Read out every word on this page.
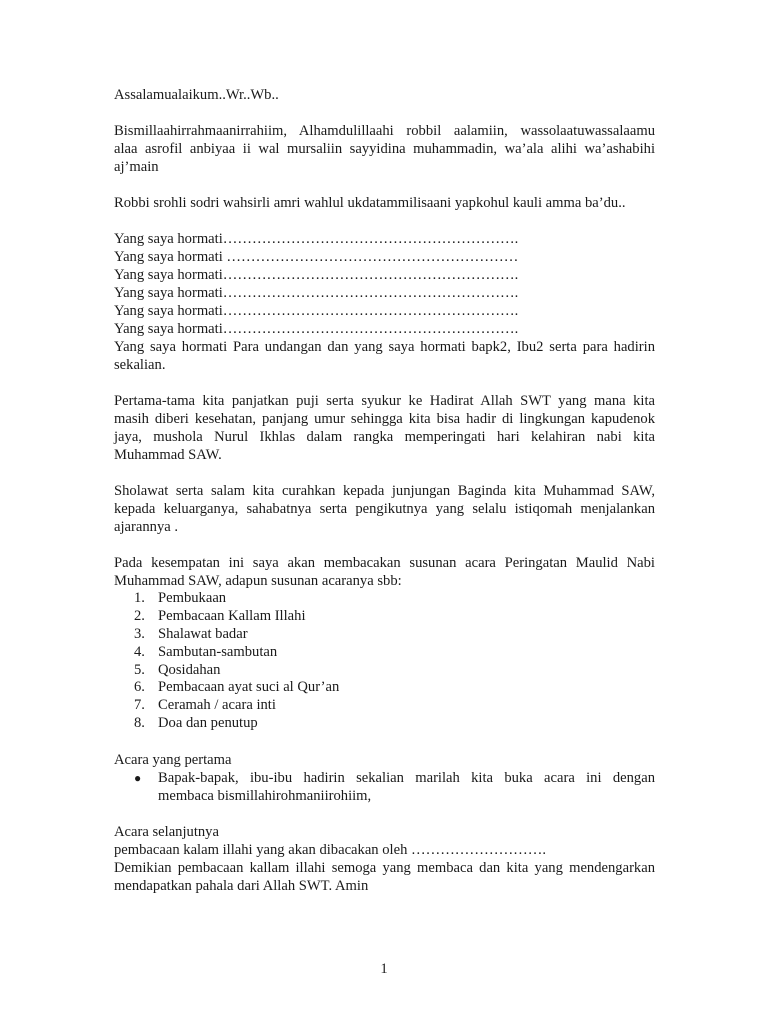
Assalamualaikum..Wr..Wb..
Bismillaahirrahmaanirrahiim, Alhamdulillaahi robbil aalamiin, wassolaatuwassalaamu
alaa asrofil anbiyaa ii wal mursaliin sayyidina muhammadin, wa’ala alihi wa’ashabihi
aj’main
Robbi srohli sodri wahsirli amri wahlul ukdatammilisaani yapkohul kauli amma ba’du..
Yang saya hormati…………………………………………………….
Yang saya hormati ……………………………………………………
Yang saya hormati…………………………………………………….
Yang saya hormati…………………………………………………….
Yang saya hormati…………………………………………………….
Yang saya hormati…………………………………………………….
Yang saya hormati Para undangan dan yang saya hormati bapk2, Ibu2 serta para hadirin
sekalian.
Pertama-tama kita panjatkan puji serta syukur ke Hadirat Allah SWT yang mana kita
masih diberi kesehatan, panjang umur sehingga kita bisa hadir di lingkungan kapudenok
jaya, mushola Nurul Ikhlas dalam rangka memperingati hari kelahiran nabi kita
Muhammad SAW.
Sholawat serta salam kita curahkan kepada junjungan Baginda kita Muhammad SAW,
kepada keluarganya, sahabatnya serta pengikutnya yang selalu istiqomah menjalankan
ajarannya .
Pada kesempatan ini saya akan membacakan susunan acara Peringatan Maulid Nabi
Muhammad SAW, adapun susunan acaranya sbb:
1. Pembukaan
2. Pembacaan Kallam Illahi
3. Shalawat badar
4. Sambutan-sambutan
5. Qosidahan
6. Pembacaan ayat suci al Qur’an
7. Ceramah / acara inti
8. Doa dan penutup
Acara yang pertama
● Bapak-bapak, ibu-ibu hadirin sekalian marilah kita buka acara ini dengan
membaca bismillahirohmaniirohiim,
Acara selanjutnya
pembacaan kalam illahi yang akan dibacakan oleh ……………………….
Demikian pembacaan kallam illahi semoga yang membaca dan kita yang mendengarkan
mendapatkan pahala dari Allah SWT. Amin
1
